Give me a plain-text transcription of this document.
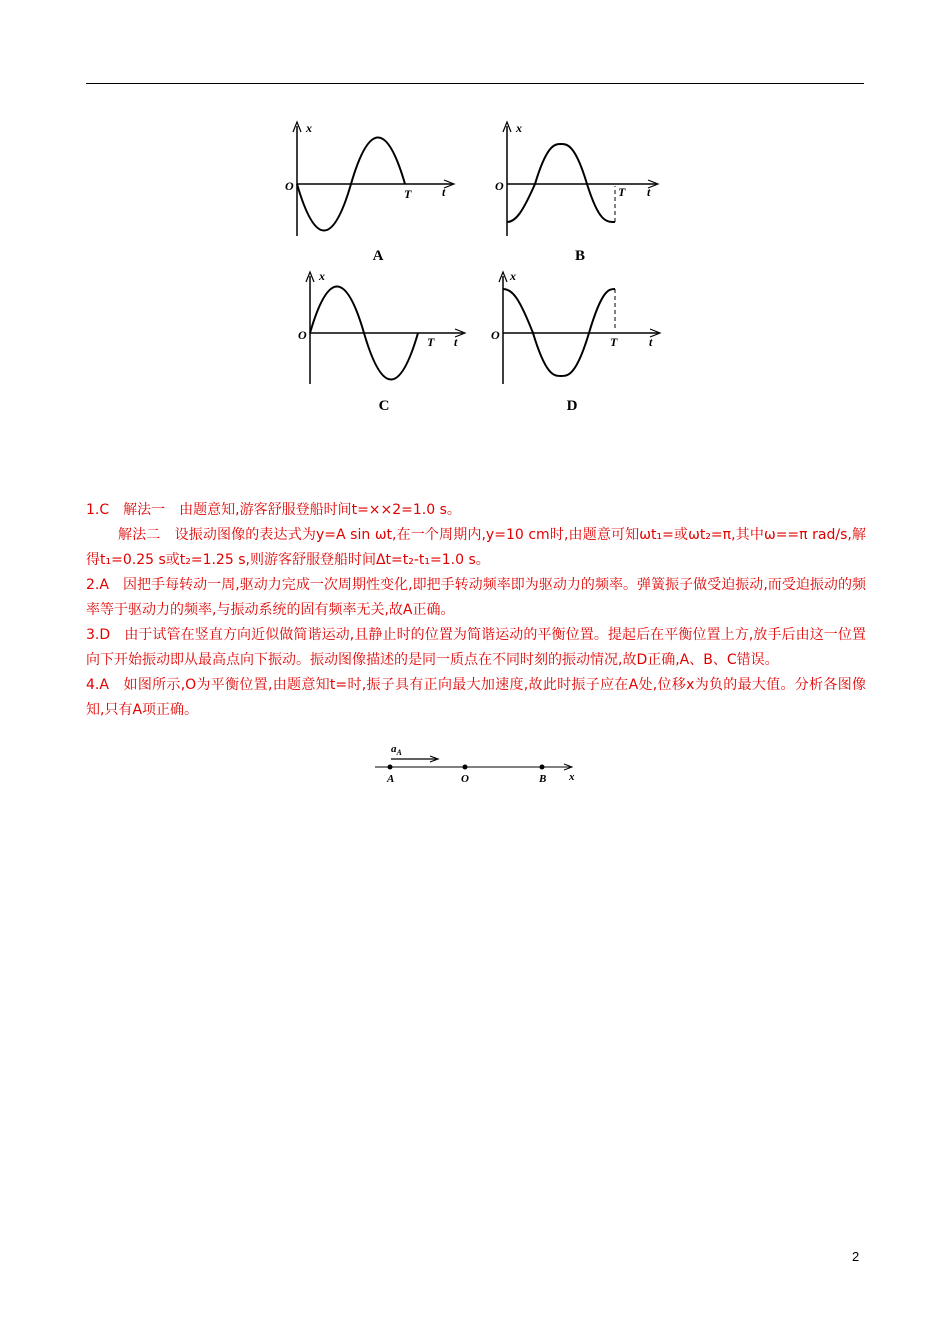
x
O
T	t
A
x
O	T t
B
x
O	T t
C
x
O	T	t
D

1.C　解法一　由题意知,游客舒服登船时间t=××2=1.0 s。

解法二　设振动图像的表达式为y=A sin ωt,在一个周期内,y=10 cm时,由题意可知ωt₁=或ωt₂=π,其中ω==π rad/s,解得t₁=0.25 s或t₂=1.25 s,则游客舒服登船时间Δt=t₂-t₁=1.0 s。

2.A　因把手每转动一周,驱动力完成一次周期性变化,即把手转动频率即为驱动力的频率。弹簧振子做受迫振动,而受迫振动的频率等于驱动力的频率,与振动系统的固有频率无关,故A正确。

3.D　由于试管在竖直方向近似做简谐运动,且静止时的位置为简谐运动的平衡位置。提起后在平衡位置上方,放手后由这一位置向下开始振动即从最高点向下振动。振动图像描述的是同一质点在不同时刻的振动情况,故D正确,A、B、C错误。

4.A　如图所示,O为平衡位置,由题意知t=时,振子具有正向最大加速度,故此时振子应在A处,位移x为负的最大值。分析各图像知,只有A项正确。

$a_A$
A	O	B x
2
